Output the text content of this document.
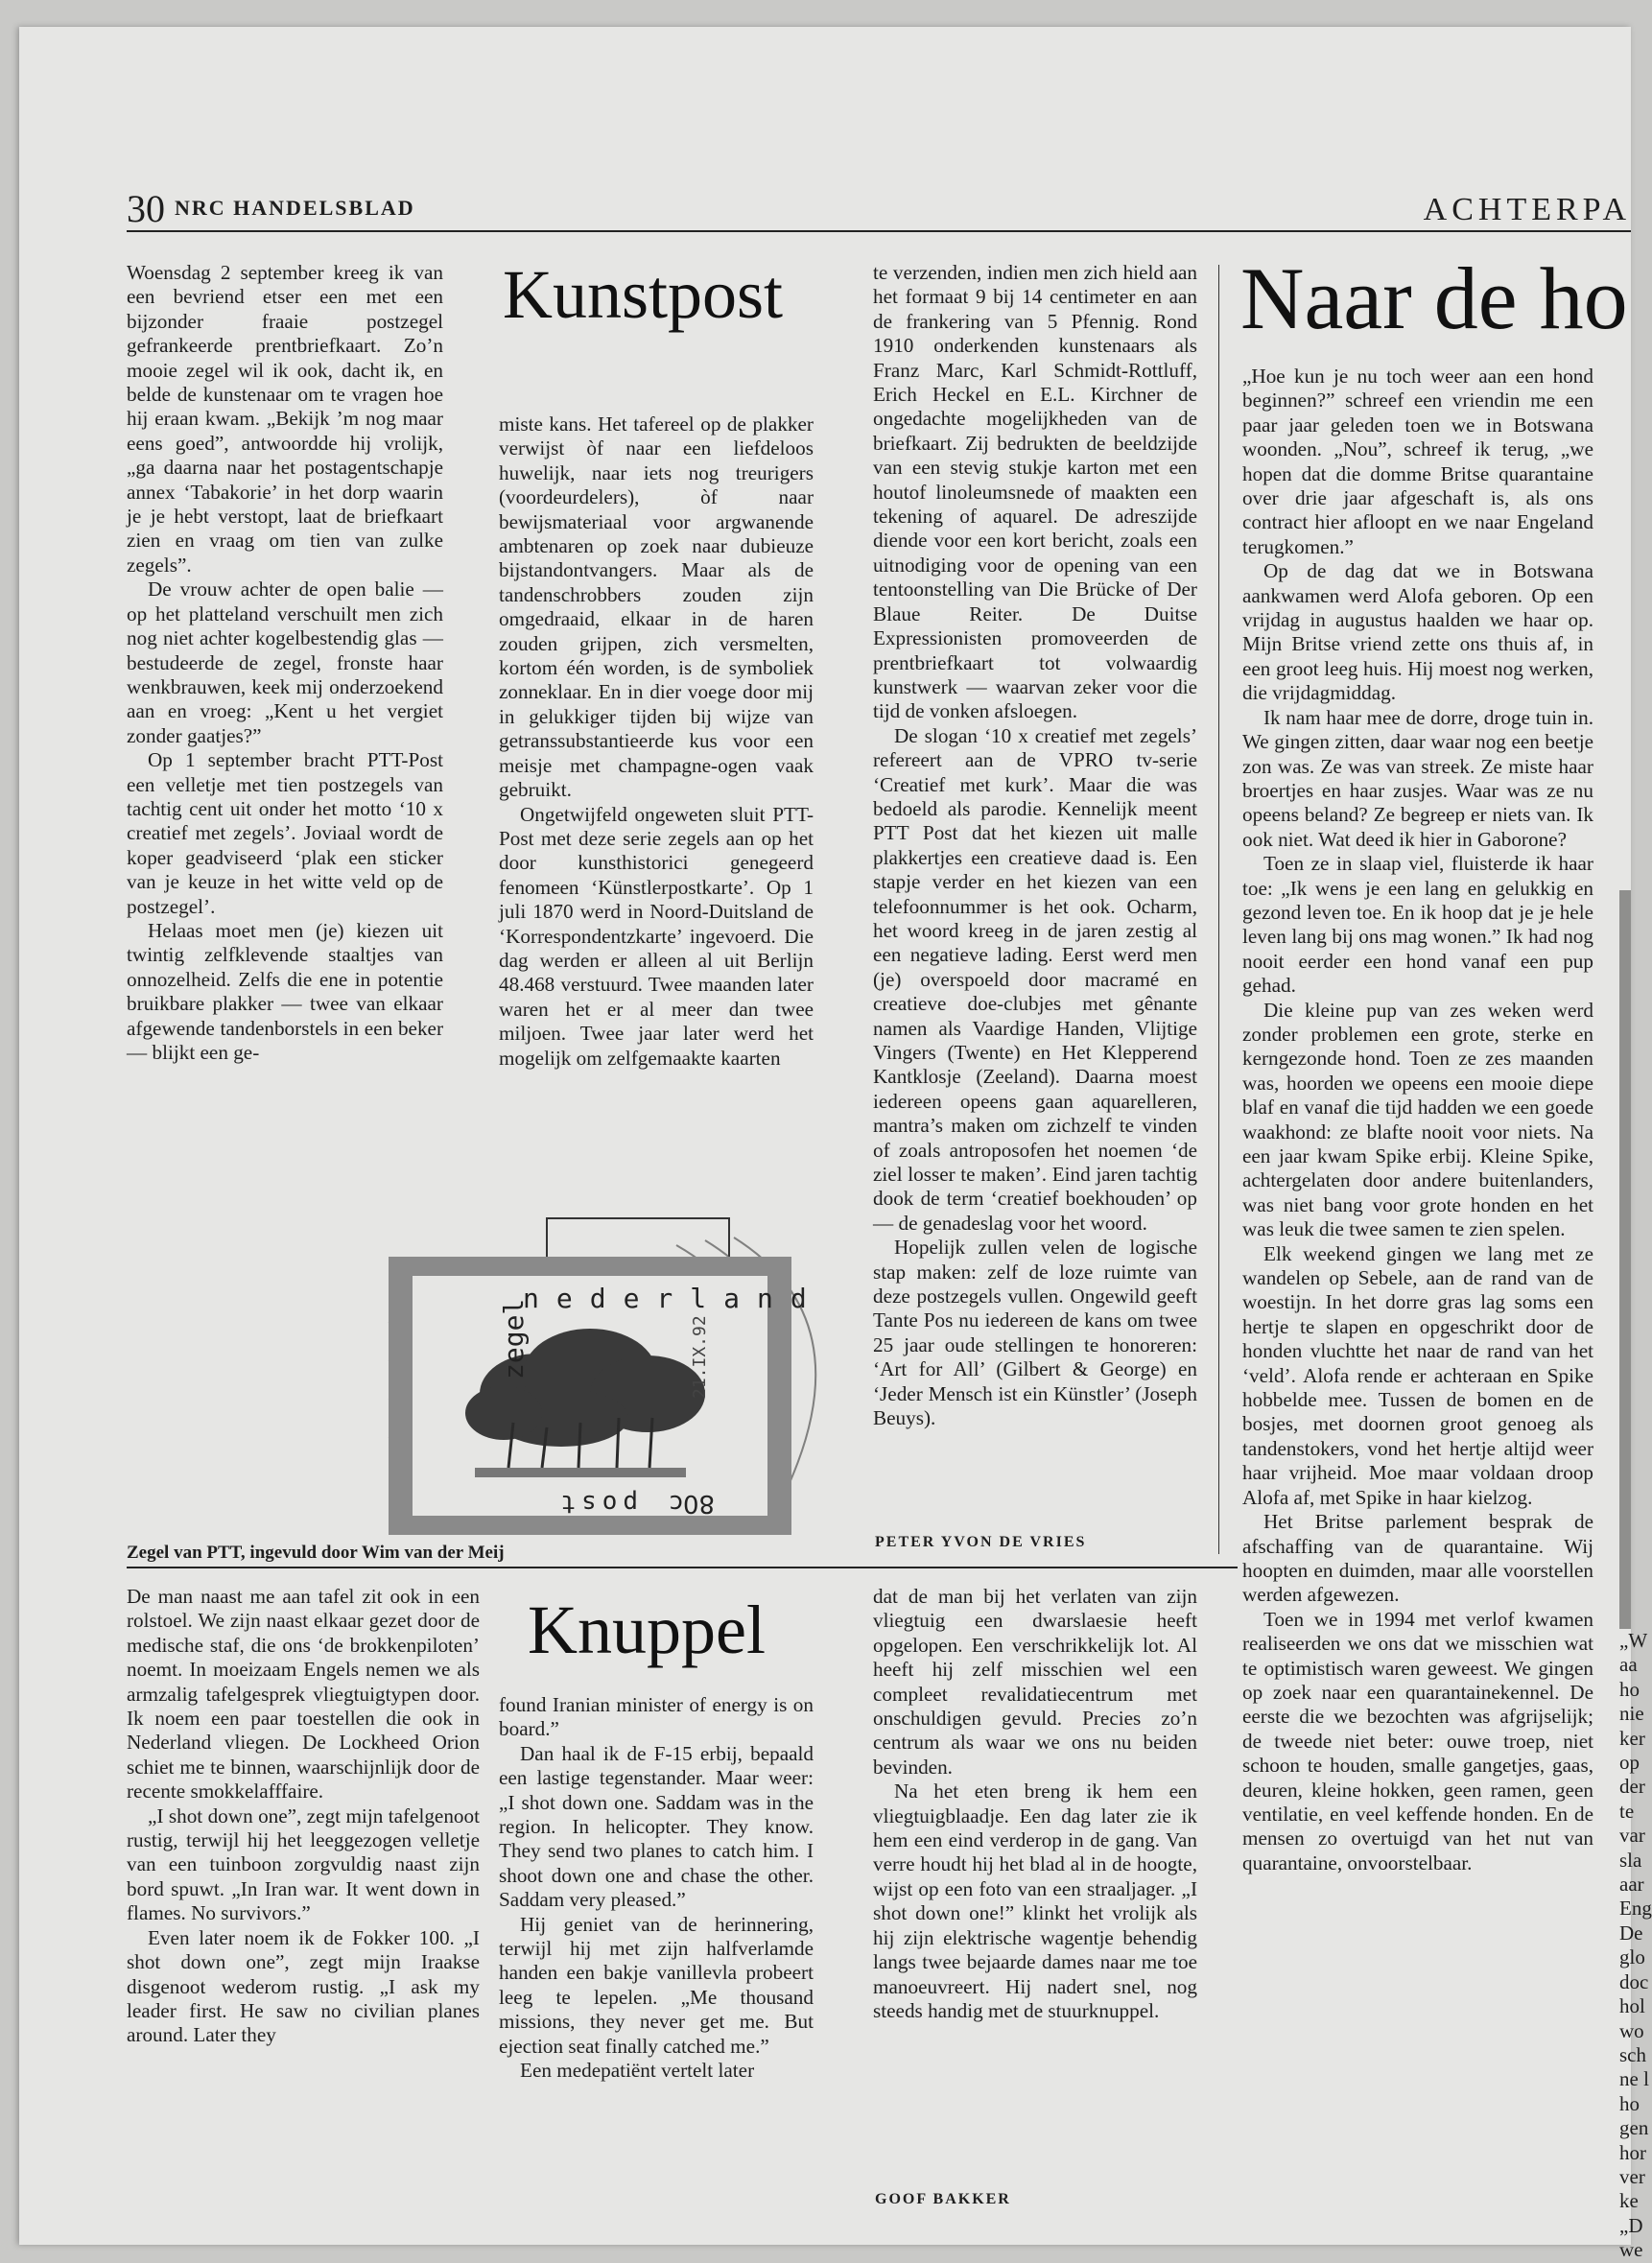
30 NRC HANDELSBLAD	ACHTERPA
Kunstpost

Woensdag 2 september kreeg ik van een bevriend etser een met een bijzonder fraaie postzegel gefrankeerde prentbriefkaart. Zo’n mooie zegel wil ik ook, dacht ik, en belde de kunstenaar om te vragen hoe hij eraan kwam. „Bekijk ’m nog maar eens goed”, antwoordde hij vrolijk, „ga daarna naar het postagentschapje annex ‘Tabakorie’ in het dorp waarin je je hebt verstopt, laat de briefkaart zien en vraag om tien van zulke zegels”.

De vrouw achter de open balie — op het platteland verschuilt men zich nog niet achter kogelbestendig glas — bestudeerde de zegel, fronste haar wenkbrauwen, keek mij onderzoekend aan en vroeg: „Kent u het vergiet zonder gaatjes?”

Op 1 september bracht PTT-Post een velletje met tien postzegels van tachtig cent uit onder het motto ‘10 x creatief met zegels’. Joviaal wordt de koper geadviseerd ‘plak een sticker van je keuze in het witte veld op de postzegel’.

Helaas moet men (je) kiezen uit twintig zelfklevende staaltjes van onnozelheid. Zelfs die ene in potentie bruikbare plakker — twee van elkaar afgewende tandenborstels in een beker — blijkt een ge-

miste kans. Het tafereel op de plakker verwijst òf naar een liefdeloos huwelijk, naar iets nog treurigers (voordeurdelers), òf naar bewijsmateriaal voor argwanende ambtenaren op zoek naar dubieuze bijstandontvangers. Maar als de tandenschrobbers zouden zijn omgedraaid, elkaar in de haren zouden grijpen, zich versmelten, kortom één worden, is de symboliek zonneklaar. En in dier voege door mij in gelukkiger tijden bij wijze van getranssubstantieerde kus voor een meisje met champagne-ogen vaak gebruikt.

Ongetwijfeld ongeweten sluit PTT-Post met deze serie zegels aan op het door kunsthistorici genegeerd fenomeen ‘Künstlerpostkarte’. Op 1 juli 1870 werd in Noord-Duitsland de ‘Korrespondentzkarte’ ingevoerd. Die dag werden er alleen al uit Berlijn 48.468 verstuurd. Twee maanden later waren het er al meer dan twee miljoen. Twee jaar later werd het mogelijk om zelfgemaakte kaarten

te verzenden, indien men zich hield aan het formaat 9 bij 14 centimeter en aan de frankering van 5 Pfennig. Rond 1910 onderkenden kunstenaars als Franz Marc, Karl Schmidt-Rottluff, Erich Heckel en E.L. Kirchner de ongedachte mogelijkheden van de briefkaart. Zij bedrukten de beeldzijde van een stevig stukje karton met een houtof linoleumsnede of maakten een tekening of aquarel. De adreszijde diende voor een kort bericht, zoals een uitnodiging voor de opening van een tentoonstelling van Die Brücke of Der Blaue Reiter. De Duitse Expressionisten promoveerden de prentbriefkaart tot volwaardig kunstwerk — waarvan zeker voor die tijd de vonken afsloegen.

De slogan ‘10 x creatief met zegels’ refereert aan de VPRO tv-serie ‘Creatief met kurk’. Maar die was bedoeld als parodie. Kennelijk meent PTT Post dat het kiezen uit malle plakkertjes een creatieve daad is. Een stapje verder en het kiezen van een telefoonnummer is het ook. Ocharm, het woord kreeg in de jaren zestig al een negatieve lading. Eerst werd men (je) overspoeld door macramé en creatieve doe-clubjes met gênante namen als Vaardige Handen, Vlijtige Vingers (Twente) en Het Klepperend Kantklosje (Zeeland). Daarna moest iedereen opeens gaan aquarelleren, mantra’s maken om zichzelf te vinden of zoals antroposofen het noemen ‘de ziel losser te maken’. Eind jaren tachtig dook de term ‘creatief boekhouden’ op — de genadeslag voor het woord.

Hopelijk zullen velen de logische stap maken: zelf de loze ruimte van deze postzegels vullen. Ongewild geeft Tante Pos nu iedereen de kans om twee 25 jaar oude stellingen te honoreren: ‘Art for All’ (Gilbert & George) en ‘Jeder Mensch ist ein Künstler’ (Joseph Beuys).

nederland
zegel
post 80c
21.IX.92
Zegel van PTT, ingevuld door Wim van der Meij
PETER YVON DE VRIES
Knuppel

De man naast me aan tafel zit ook in een rolstoel. We zijn naast elkaar gezet door de medische staf, die ons ‘de brokkenpiloten’ noemt. In moeizaam Engels nemen we als armzalig tafelgesprek vliegtuigtypen door. Ik noem een paar toestellen die ook in Nederland vliegen. De Lockheed Orion schiet me te binnen, waarschijnlijk door de recente smokkelafffaire.

„I shot down one”, zegt mijn tafelgenoot rustig, terwijl hij het leeggezogen velletje van een tuinboon zorgvuldig naast zijn bord spuwt. „In Iran war. It went down in flames. No survivors.”

Even later noem ik de Fokker 100. „I shot down one”, zegt mijn Iraakse disgenoot wederom rustig. „I ask my leader first. He saw no civilian planes around. Later they

found Iranian minister of energy is on board.”

Dan haal ik de F-15 erbij, bepaald een lastige tegenstander. Maar weer: „I shot down one. Saddam was in the region. In helicopter. They know. They send two planes to catch him. I shoot down one and chase the other. Saddam very pleased.”

Hij geniet van de herinnering, terwijl hij met zijn halfverlamde handen een bakje vanillevla probeert leeg te lepelen. „Me thousand missions, they never get me. But ejection seat finally catched me.”

Een medepatiënt vertelt later

dat de man bij het verlaten van zijn vliegtuig een dwarslaesie heeft opgelopen. Een verschrikkelijk lot. Al heeft hij zelf misschien wel een compleet revalidatiecentrum met onschuldigen gevuld. Precies zo’n centrum als waar we ons nu beiden bevinden.

Na het eten breng ik hem een vliegtuigblaadje. Een dag later zie ik hem een eind verderop in de gang. Van verre houdt hij het blad al in de hoogte, wijst op een foto van een straaljager. „I shot down one!” klinkt het vrolijk als hij zijn elektrische wagentje behendig langs twee bejaarde dames naar me toe manoeuvreert. Hij nadert snel, nog steeds handig met de stuurknuppel.

GOOF BAKKER
Naar de ho

„Hoe kun je nu toch weer aan een hond beginnen?” schreef een vriendin me een paar jaar geleden toen we in Botswana woonden. „Nou”, schreef ik terug, „we hopen dat die domme Britse quarantaine over drie jaar afgeschaft is, als ons contract hier afloopt en we naar Engeland terugkomen.”

Op de dag dat we in Botswana aankwamen werd Alofa geboren. Op een vrijdag in augustus haalden we haar op. Mijn Britse vriend zette ons thuis af, in een groot leeg huis. Hij moest nog werken, die vrijdagmiddag.

Ik nam haar mee de dorre, droge tuin in. We gingen zitten, daar waar nog een beetje zon was. Ze was van streek. Ze miste haar broertjes en haar zusjes. Waar was ze nu opeens beland? Ze begreep er niets van. Ik ook niet. Wat deed ik hier in Gaborone?

Toen ze in slaap viel, fluisterde ik haar toe: „Ik wens je een lang en gelukkig en gezond leven toe. En ik hoop dat je je hele leven lang bij ons mag wonen.” Ik had nog nooit eerder een hond vanaf een pup gehad.

Die kleine pup van zes weken werd zonder problemen een grote, sterke en kerngezonde hond. Toen ze zes maanden was, hoorden we opeens een mooie diepe blaf en vanaf die tijd hadden we een goede waakhond: ze blafte nooit voor niets. Na een jaar kwam Spike erbij. Kleine Spike, achtergelaten door andere buitenlanders, was niet bang voor grote honden en het was leuk die twee samen te zien spelen.

Elk weekend gingen we lang met ze wandelen op Sebele, aan de rand van de woestijn. In het dorre gras lag soms een hertje te slapen en opgeschrikt door de honden vluchtte het naar de rand van het ‘veld’. Alofa rende er achteraan en Spike hobbelde mee. Tussen de bomen en de bosjes, met doornen groot genoeg als tandenstokers, vond het hertje altijd weer haar vrijheid. Moe maar voldaan droop Alofa af, met Spike in haar kielzog.

Het Britse parlement besprak de afschaffing van de quarantaine. Wij hoopten en duimden, maar alle voorstellen werden afgewezen.

Toen we in 1994 met verlof kwamen realiseerden we ons dat we misschien wat te optimistisch waren geweest. We gingen op zoek naar een quarantainekennel. De eerste die we bezochten was afgrijselijk; de tweede niet beter: ouwe troep, niet schoon te houden, smalle gangetjes, gaas, deuren, kleine hokken, geen ramen, geen ventilatie, en veel keffende honden. En de mensen zo overtuigd van het nut van quarantaine, onvoorstelbaar.

„W
aa
ho
nie
ker
op
der
te
var
sla
aar
Eng
De
glo
doc
hol
wo
sch
ne l
ho
gen
hor
ver
ke
„D
we
